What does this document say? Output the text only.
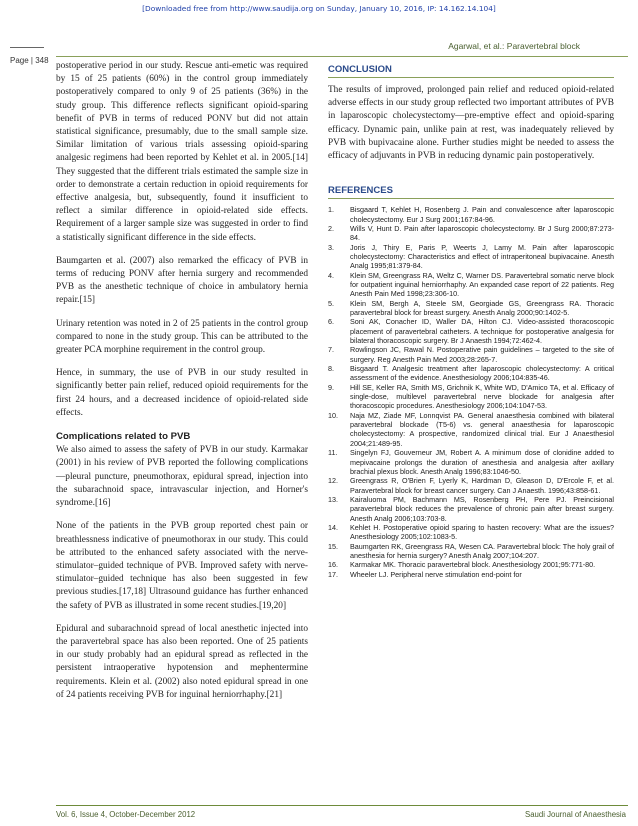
[Downloaded free from http://www.saudija.org on Sunday, January 10, 2016, IP: 14.162.14.104]
Page | 348
Agarwal, et al.: Paravertebral block

postoperative period in our study. Rescue anti-emetic was required by 15 of 25 patients (60%) in the control group immediately postoperatively compared to only 9 of 25 patients (36%) in the study group. This difference reflects significant opioid-sparing benefit of PVB in terms of reduced PONV but did not attain statistical significance, presumably, due to the small sample size. Similar limitation of various trials assessing opioid-sparing analgesic regimens had been reported by Kehlet et al. in 2005.[14] They suggested that the different trials estimated the sample size in order to demonstrate a certain reduction in opioid requirements for effective analgesia, but, subsequently, found it insufficient to reflect a similar difference in opioid-related side effects. Requirement of a larger sample size was suggested in order to find a statistically significant difference in the side effects.

Baumgarten et al. (2007) also remarked the efficacy of PVB in terms of reducing PONV after hernia surgery and recommended PVB as the anesthetic technique of choice in ambulatory hernia repair.[15]

Urinary retention was noted in 2 of 25 patients in the control group compared to none in the study group. This can be attributed to the greater PCA morphine requirement in the control group.

Hence, in summary, the use of PVB in our study resulted in significantly better pain relief, reduced opioid requirements for the first 24 hours, and a decreased incidence of opioid-related side effects.

Complications related to PVB

We also aimed to assess the safety of PVB in our study. Karmakar (2001) in his review of PVB reported the following complications—pleural puncture, pneumothorax, epidural spread, injection into the subarachnoid space, intravascular injection, and Horner's syndrome.[16]

None of the patients in the PVB group reported chest pain or breathlessness indicative of pneumothorax in our study. This could be attributed to the enhanced safety associated with the nerve-stimulator–guided technique of PVB. Improved safety with nerve-stimulator–guided technique has also been suggested in few previous studies.[17,18] Ultrasound guidance has further enhanced the safety of PVB as illustrated in some recent studies.[19,20]

Epidural and subarachnoid spread of local anesthetic injected into the paravertebral space has also been reported. One of 25 patients in our study probably had an epidural spread as reflected in the persistent intraoperative hypotension and mephentermine requirements. Klein et al. (2002) also noted epidural spread in one of 24 patients receiving PVB for inguinal herniorrhaphy.[21]

CONCLUSION

The results of improved, prolonged pain relief and reduced opioid-related adverse effects in our study group reflected two important attributes of PVB in laparoscopic cholecystectomy—pre-emptive effect and opioid-sparing efficacy. Dynamic pain, unlike pain at rest, was inadequately relieved by PVB with bupivacaine alone. Further studies might be needed to assess the efficacy of adjuvants in PVB in reducing dynamic pain postoperatively.

REFERENCES
1. Bisgaard T, Kehlet H, Rosenberg J. Pain and convalescence after laparoscopic cholecystectomy. Eur J Surg 2001;167:84-96.
2. Wills V, Hunt D. Pain after laparoscopic cholecystectomy. Br J Surg 2000;87:273-84.
3. Joris J, Thiry E, Paris P, Weerts J, Lamy M. Pain after laparoscopic cholecystectomy: Characteristics and effect of intraperitoneal bupivacaine. Anesth Analg 1995;81:379-84.
4. Klein SM, Greengrass RA, Weltz C, Warner DS. Paravertebral somatic nerve block for outpatient inguinal herniorrhaphy. An expanded case report of 22 patients. Reg Anesth Pain Med 1998;23:306-10.
5. Klein SM, Bergh A, Steele SM, Georgiade GS, Greengrass RA. Thoracic paravertebral block for breast surgery. Anesth Analg 2000;90:1402-5.
6. Soni AK, Conacher ID, Waller DA, Hilton CJ. Video-assisted thoracoscopic placement of paravertebral catheters. A technique for postoperative analgesia for bilateral thoracoscopic surgery. Br J Anaesth 1994;72:462-4.
7. Rowlingson JC, Rawal N. Postoperative pain guidelines – targeted to the site of surgery. Reg Anesth Pain Med 2003;28:265-7.
8. Bisgaard T. Analgesic treatment after laparoscopic cholecystectomy: A critical assessment of the evidence. Anesthesiology 2006;104:835-46.
9. Hill SE, Keller RA, Smith MS, Grichnik K, White WD, D'Amico TA, et al. Efficacy of single-dose, multilevel paravertebral nerve blockade for analgesia after thoracoscopic procedures. Anesthesiology 2006;104:1047-53.
10. Naja MZ, Ziade MF, Lonnqvist PA. General anaesthesia combined with bilateral paravertebral blockade (T5-6) vs. general anaesthesia for laparoscopic cholecystectomy: A prospective, randomized clinical trial. Eur J Anaesthesiol 2004;21:489-95.
11. Singelyn FJ, Gouverneur JM, Robert A. A minimum dose of clonidine added to mepivacaine prolongs the duration of anesthesia and analgesia after axillary brachial plexus block. Anesth Analg 1996;83:1046-50.
12. Greengrass R, O'Brien F, Lyerly K, Hardman D, Gleason D, D'Ercole F, et al. Paravertebral block for breast cancer surgery. Can J Anaesth. 1996;43:858-61.
13. Kairaluoma PM, Bachmann MS, Rosenberg PH, Pere PJ. Preincisional paravertebral block reduces the prevalence of chronic pain after breast surgery. Anesth Analg 2006;103:703-8.
14. Kehlet H. Postoperative opioid sparing to hasten recovery: What are the issues? Anesthesiology 2005;102:1083-5.
15. Baumgarten RK, Greengrass RA, Wesen CA. Paravertebral block: The holy grail of anesthesia for hernia surgery? Anesth Analg 2007;104:207.
16. Karmakar MK. Thoracic paravertebral block. Anesthesiology 2001;95:771-80.
17. Wheeler LJ. Peripheral nerve stimulation end-point for
Vol. 6, Issue 4, October-December 2012	Saudi Journal of Anaesthesia
